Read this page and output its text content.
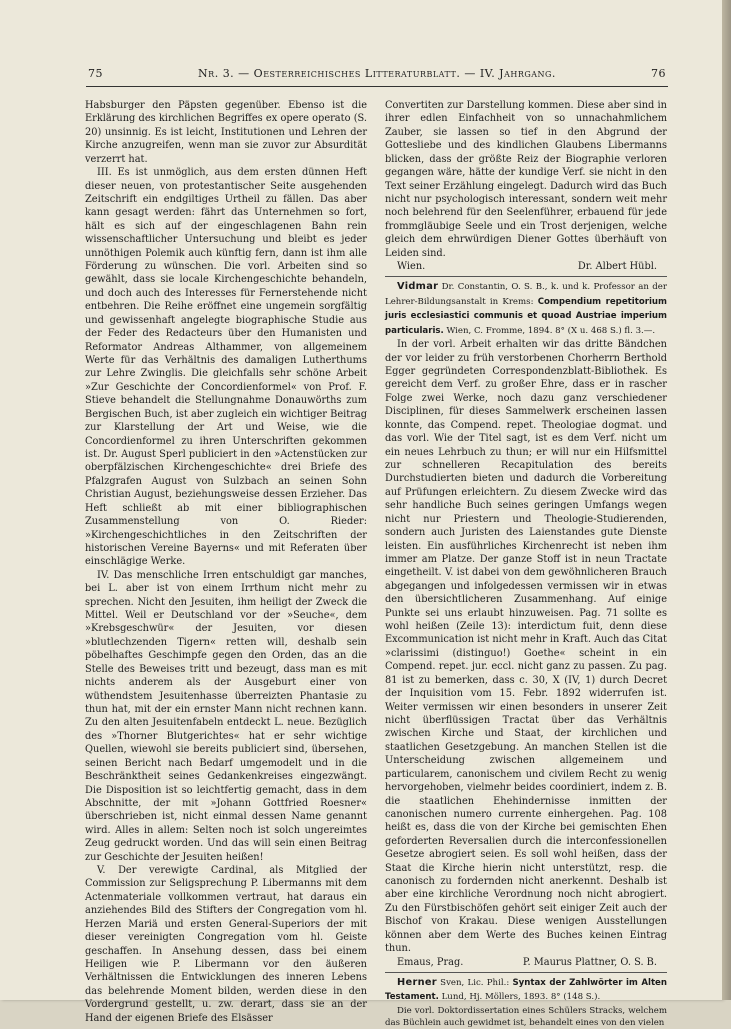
75	Nr. 3. — Oesterreichisches Litteraturblatt. — IV. Jahrgang.	76

Habsburger den Päpsten gegenüber. Ebenso ist die Erklärung des kirchlichen Begriffes ex opere operato (S. 20) unsinnig. Es ist leicht, Institutionen und Lehren der Kirche anzugreifen, wenn man sie zuvor zur Absurdität verzerrt hat.

III. Es ist unmöglich, aus dem ersten dünnen Heft dieser neuen, von protestantischer Seite ausgehenden Zeitschrift ein endgiltiges Urtheil zu fällen. Das aber kann gesagt werden: fährt das Unternehmen so fort, hält es sich auf der eingeschlagenen Bahn rein wissenschaftlicher Untersuchung und bleibt es jeder unnöthigen Polemik auch künftig fern, dann ist ihm alle Förderung zu wünschen. Die vorl. Arbeiten sind so gewählt, dass sie locale Kirchengeschichte behandeln, und doch auch des Interesses für Fernerstehende nicht entbehren. Die Reihe eröffnet eine ungemein sorgfältig und gewissenhaft angelegte biographische Studie aus der Feder des Redacteurs über den Humanisten und Reformator Andreas Althammer, von allgemeinem Werte für das Verhältnis des damaligen Lutherthums zur Lehre Zwinglis. Die gleichfalls sehr schöne Arbeit »Zur Geschichte der Concordienformel« von Prof. F. Stieve behandelt die Stellungnahme Donauwörths zum Bergischen Buch, ist aber zugleich ein wichtiger Beitrag zur Klarstellung der Art und Weise, wie die Concordienformel zu ihren Unterschriften gekommen ist. Dr. August Sperl publiciert in den »Actenstücken zur oberpfälzischen Kirchengeschichte« drei Briefe des Pfalzgrafen August von Sulzbach an seinen Sohn Christian August, beziehungsweise dessen Erzieher. Das Heft schließt ab mit einer bibliographischen Zusammenstellung von O. Rieder: »Kirchengeschichtliches in den Zeitschriften der historischen Vereine Bayerns« und mit Referaten über einschlägige Werke.

IV. Das menschliche Irren entschuldigt gar manches, bei L. aber ist von einem Irrthum nicht mehr zu sprechen. Nicht den Jesuiten, ihm heiligt der Zweck die Mittel. Weil er Deutschland vor der »Seuche«, dem »Krebsgeschwür« der Jesuiten, vor diesen »blutlechzenden Tigern« retten will, deshalb sein pöbelhaftes Geschimpfe gegen den Orden, das an die Stelle des Beweises tritt und bezeugt, dass man es mit nichts anderem als der Ausgeburt einer von wüthendstem Jesuitenhasse überreizten Phantasie zu thun hat, mit der ein ernster Mann nicht rechnen kann. Zu den alten Jesuitenfabeln entdeckt L. neue. Bezüglich des »Thorner Blutgerichtes« hat er sehr wichtige Quellen, wiewohl sie bereits publiciert sind, übersehen, seinen Bericht nach Bedarf umgemodelt und in die Beschränktheit seines Gedankenkreises eingezwängt. Die Disposition ist so leichtfertig gemacht, dass in dem Abschnitte, der mit »Johann Gottfried Roesner« überschrieben ist, nicht einmal dessen Name genannt wird. Alles in allem: Selten noch ist solch ungereimtes Zeug gedruckt worden. Und das will sein einen Beitrag zur Geschichte der Jesuiten heißen!

V. Der verewigte Cardinal, als Mitglied der Commission zur Seligsprechung P. Libermanns mit dem Actenmateriale vollkommen vertraut, hat daraus ein anziehendes Bild des Stifters der Congregation vom hl. Herzen Mariä und ersten General-Superiors der mit dieser vereinigten Congregation vom hl. Geiste geschaffen. In Ansehung dessen, dass bei einem Heiligen wie P. Libermann vor den äußeren Verhältnissen die Entwicklungen des inneren Lebens das belehrende Moment bilden, werden diese in den Vordergrund gestellt, u. zw. derart, dass sie an der Hand der eigenen Briefe des Elsässer

Convertiten zur Darstellung kommen. Diese aber sind in ihrer edlen Einfachheit von so unnachahmlichem Zauber, sie lassen so tief in den Abgrund der Gottesliebe und des kindlichen Glaubens Libermanns blicken, dass der größte Reiz der Biographie verloren gegangen wäre, hätte der kundige Verf. sie nicht in den Text seiner Erzählung eingelegt. Dadurch wird das Buch nicht nur psychologisch interessant, sondern weit mehr noch belehrend für den Seelenführer, erbauend für jede frommgläubige Seele und ein Trost derjenigen, welche gleich dem ehrwürdigen Diener Gottes überhäuft von Leiden sind.

Wien.	Dr. Albert Hübl.

Vidmar Dr. Constantin, O. S. B., k. und k. Professor an der Lehrer-Bildungsanstalt in Krems: Compendium repetitorium juris ecclesiastici communis et quoad Austriae imperium particularis. Wien, C. Fromme, 1894. 8° (X u. 468 S.) fl. 3.—.

In der vorl. Arbeit erhalten wir das dritte Bändchen der vor leider zu früh verstorbenen Chorherrn Berthold Egger gegründeten Correspondenzblatt-Bibliothek. Es gereicht dem Verf. zu großer Ehre, dass er in rascher Folge zwei Werke, noch dazu ganz verschiedener Disciplinen, für dieses Sammelwerk erscheinen lassen konnte, das Compend. repet. Theologiae dogmat. und das vorl. Wie der Titel sagt, ist es dem Verf. nicht um ein neues Lehrbuch zu thun; er will nur ein Hilfsmittel zur schnelleren Recapitulation des bereits Durchstudierten bieten und dadurch die Vorbereitung auf Prüfungen erleichtern. Zu diesem Zwecke wird das sehr handliche Buch seines geringen Umfangs wegen nicht nur Priestern und Theologie-Studierenden, sondern auch Juristen des Laienstandes gute Dienste leisten. Ein ausführliches Kirchenrecht ist neben ihm immer am Platze. Der ganze Stoff ist in neun Tractate eingetheilt. V. ist dabei von dem gewöhnlicheren Brauch abgegangen und infolgedessen vermissen wir in etwas den übersichtlicheren Zusammenhang. Auf einige Punkte sei uns erlaubt hinzuweisen. Pag. 71 sollte es wohl heißen (Zeile 13): interdictum fuit, denn diese Excommunication ist nicht mehr in Kraft. Auch das Citat »clarissimi (distinguo!) Goethe« scheint in ein Compend. repet. jur. eccl. nicht ganz zu passen. Zu pag. 81 ist zu bemerken, dass c. 30, X (IV, 1) durch Decret der Inquisition vom 15. Febr. 1892 widerrufen ist. Weiter vermissen wir einen besonders in unserer Zeit nicht überflüssigen Tractat über das Verhältnis zwischen Kirche und Staat, der kirchlichen und staatlichen Gesetzgebung. An manchen Stellen ist die Unterscheidung zwischen allgemeinem und particularem, canonischem und civilem Recht zu wenig hervorgehoben, vielmehr beides coordiniert, indem z. B. die staatlichen Ehehindernisse inmitten der canonischen numero currente einhergehen. Pag. 108 heißt es, dass die von der Kirche bei gemischten Ehen geforderten Reversalien durch die interconfessionellen Gesetze abrogiert seien. Es soll wohl heißen, dass der Staat die Kirche hierin nicht unterstützt, resp. die canonisch zu fordernden nicht anerkennt. Deshalb ist aber eine kirchliche Verordnung noch nicht abrogiert. Zu den Fürstbischöfen gehört seit einiger Zeit auch der Bischof von Krakau. Diese wenigen Ausstellungen können aber dem Werte des Buches keinen Eintrag thun.

Emaus, Prag.	P. Maurus Plattner, O. S. B.

Herner Sven, Lic. Phil.: Syntax der Zahlwörter im Alten Testament. Lund, Hj. Möllers, 1893. 8° (148 S.).

Die vorl. Doktordissertation eines Schülers Stracks, welchem das Büchlein auch gewidmet ist, behandelt eines von den vielen
